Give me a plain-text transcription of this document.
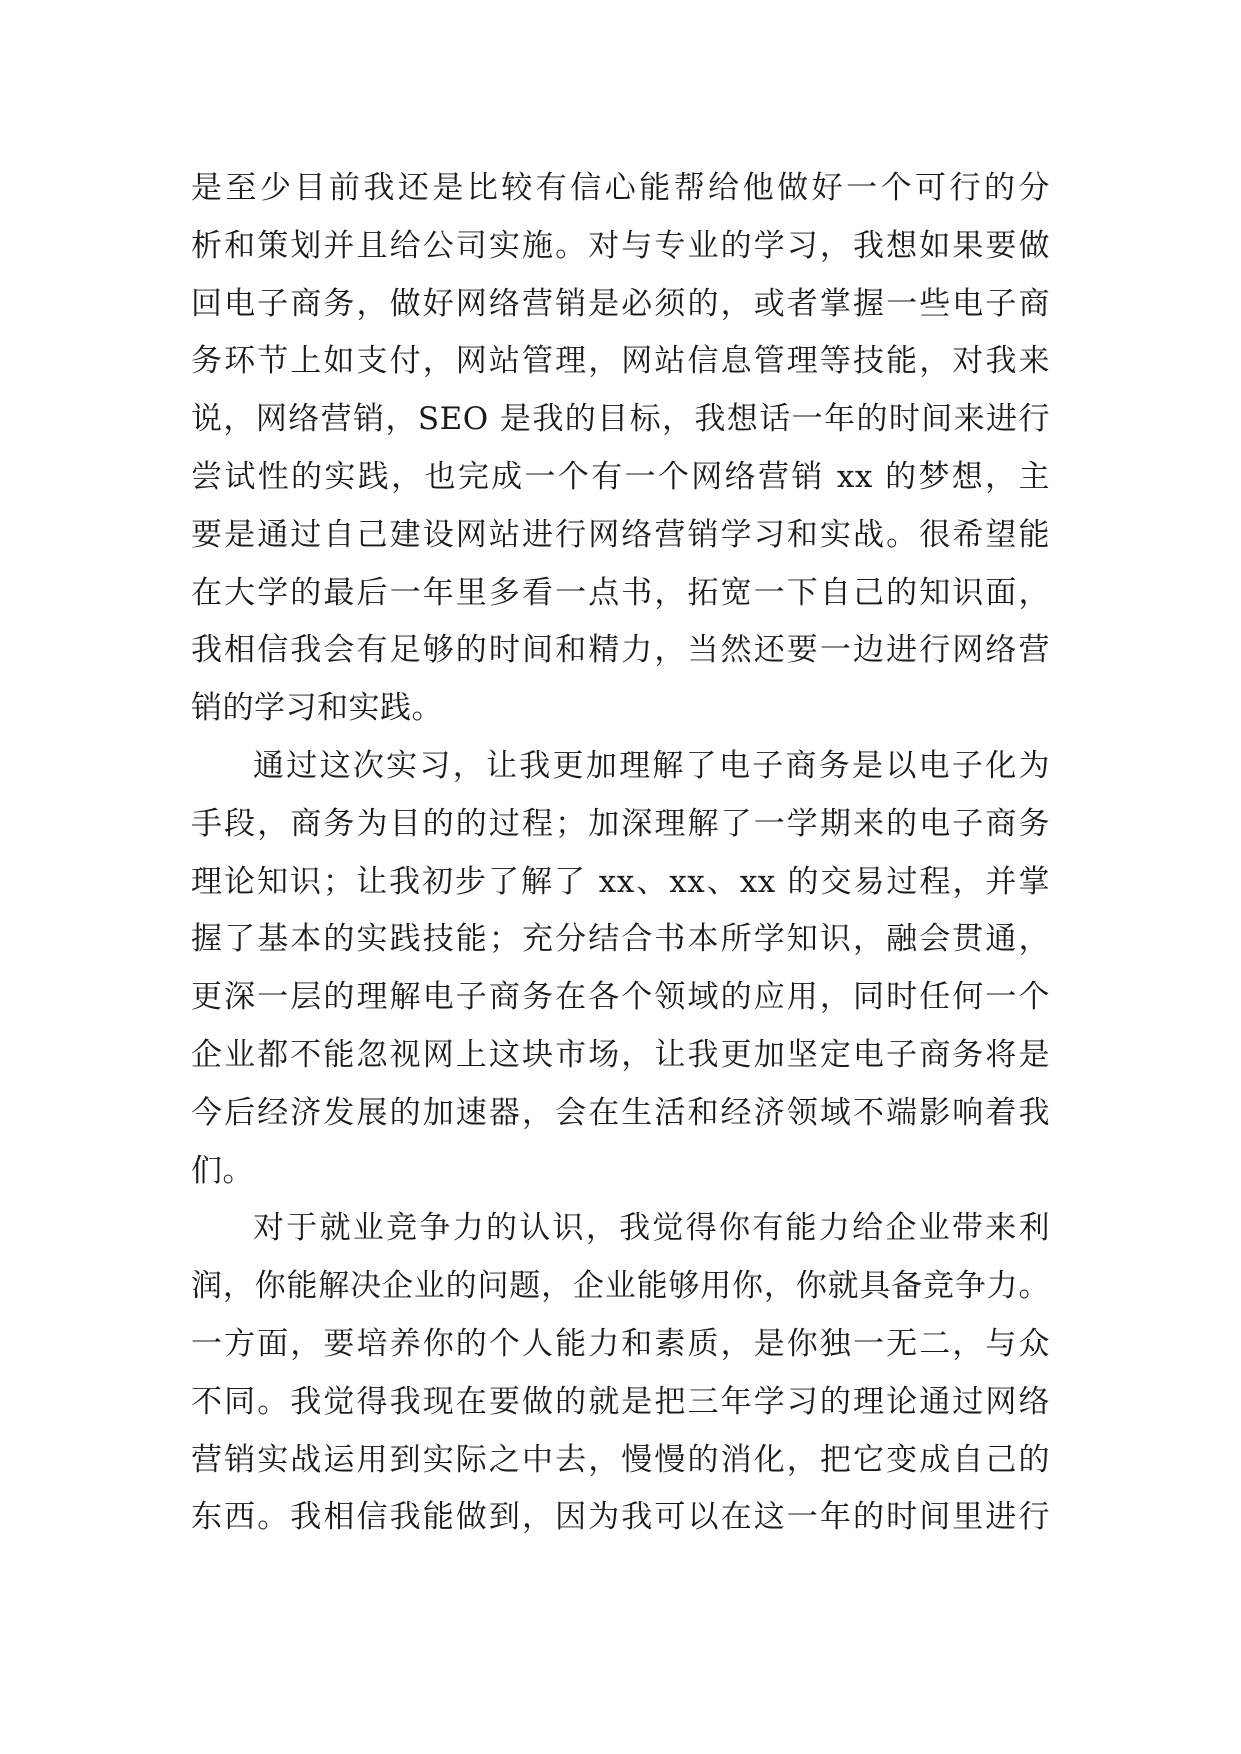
是至少目前我还是比较有信心能帮给他做好一个可行的分
析和策划并且给公司实施。对与专业的学习，我想如果要做
回电子商务，做好网络营销是必须的，或者掌握一些电子商
务环节上如支付，网站管理，网站信息管理等技能，对我来
说，网络营销，SEO 是我的目标，我想话一年的时间来进行
尝试性的实践，也完成一个有一个网络营销 xx 的梦想，主
要是通过自己建设网站进行网络营销学习和实战。很希望能
在大学的最后一年里多看一点书，拓宽一下自己的知识面，
我相信我会有足够的时间和精力，当然还要一边进行网络营
销的学习和实践。
通过这次实习，让我更加理解了电子商务是以电子化为
手段，商务为目的的过程；加深理解了一学期来的电子商务
理论知识；让我初步了解了 xx、xx、xx 的交易过程，并掌
握了基本的实践技能；充分结合书本所学知识，融会贯通，
更深一层的理解电子商务在各个领域的应用，同时任何一个
企业都不能忽视网上这块市场，让我更加坚定电子商务将是
今后经济发展的加速器，会在生活和经济领域不端影响着我
们。
对于就业竞争力的认识，我觉得你有能力给企业带来利
润，你能解决企业的问题，企业能够用你，你就具备竞争力。
一方面，要培养你的个人能力和素质，是你独一无二，与众
不同。我觉得我现在要做的就是把三年学习的理论通过网络
营销实战运用到实际之中去，慢慢的消化，把它变成自己的
东西。我相信我能做到，因为我可以在这一年的时间里进行
